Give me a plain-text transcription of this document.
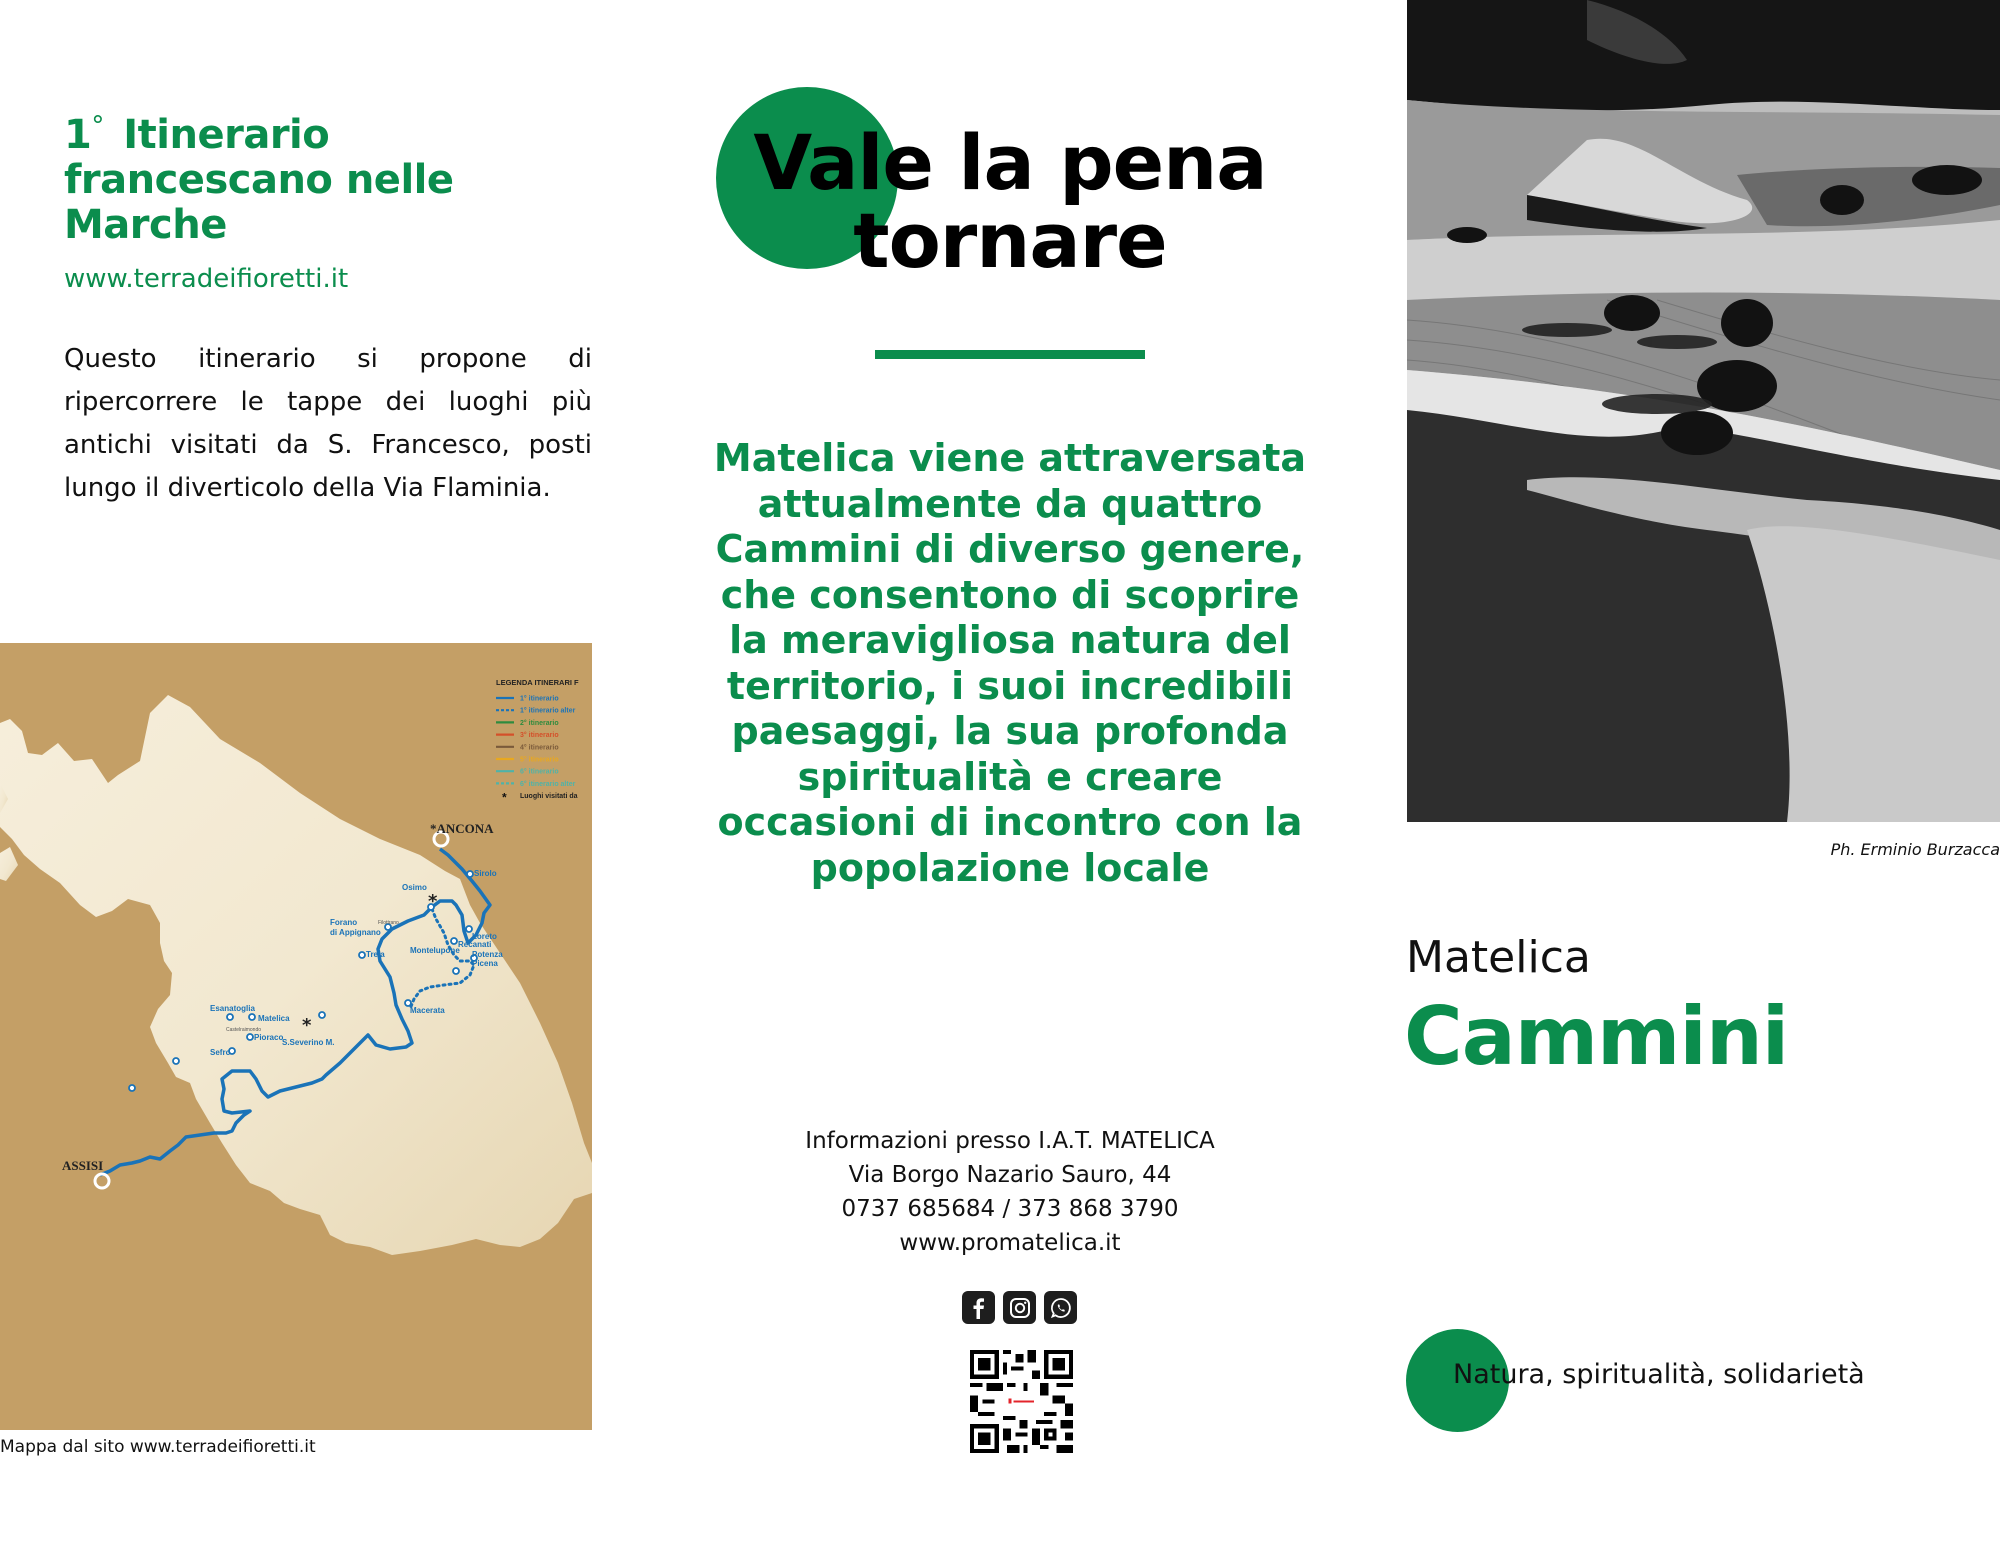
1° Itinerario francescano nelle Marche
www.terradeifioretti.it
Questo itinerario si propone di ripercorrere le tappe dei luoghi più antichi visitati da S. Francesco, posti lungo il diverticolo della Via Flaminia.
LEGENDA ITINERARI F
1° itinerario
1° itinerario alter
2° itinerario
3° itinerario
4° itinerario
5° itinerario
6° itinerario
6° itinerario alter
* Luoghi visitati da
Sirolo
Osimo
Loreto
Recanati
Forano
di Appignano
Montelupone Potenza
Picena
Treia
Macerata
Esanatoglia
Matelica
S.Severino M.
Pioraco
Sefro
Filottrano
Castelraimondo
*ANCONA
ASSISI
*
*
Mappa dal sito www.terradeifioretti.it
Vale la pena tornare
Matelica viene attraversata attualmente da quattro Cammini di diverso genere, che consentono di scoprire la meravigliosa natura del territorio, i suoi incredibili paesaggi, la sua profonda spiritualità e creare occasioni di incontro con la popolazione locale
Informazioni presso I.A.T. MATELICA
Via Borgo Nazario Sauro, 44
0737 685684 / 373 868 3790
www.promatelica.it
Ph. Erminio Burzacca
Matelica
Cammini
Natura, spiritualità, solidarietà
